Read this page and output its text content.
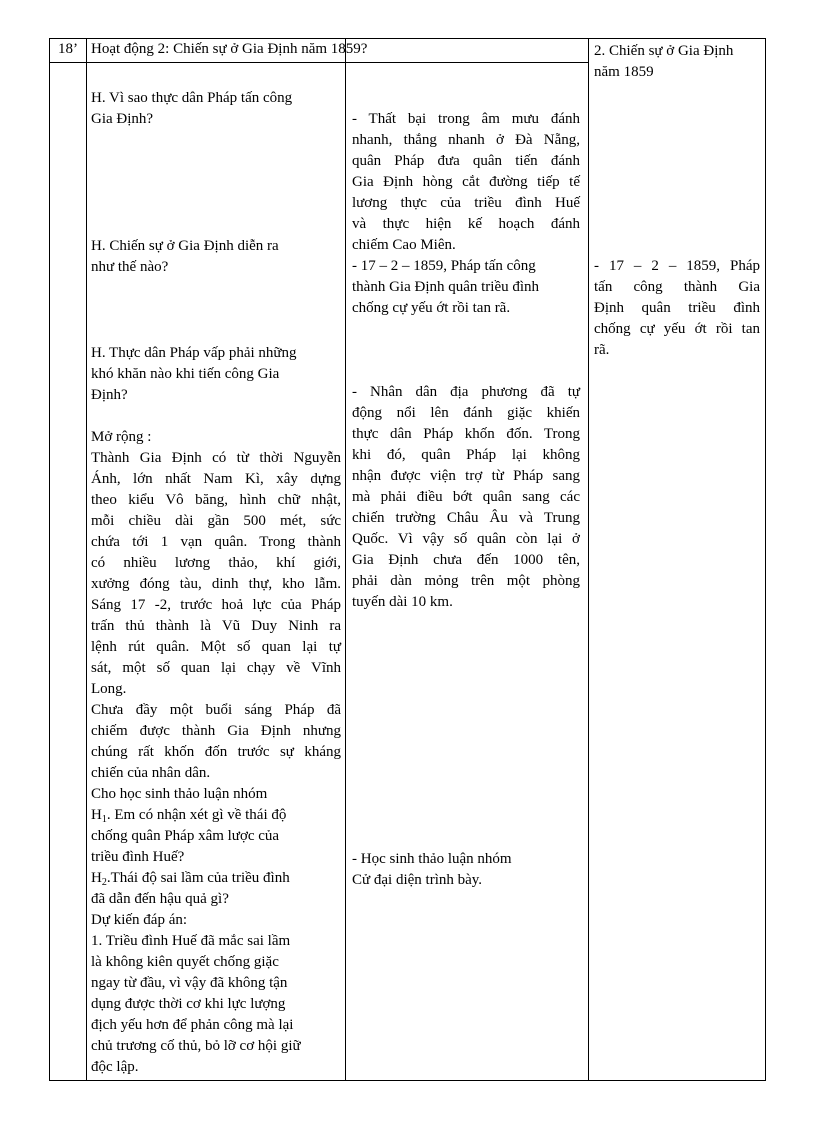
18’ Hoạt động 2: Chiến sự ở Gia Định năm 1859?	2. Chiến sự ở Gia Định
năm 1859
H. Vì sao thực dân Pháp tấn công
Gia Định?
H. Chiến sự ở Gia Định diễn ra
như thế nào?
H. Thực dân Pháp vấp phải những
khó khăn nào khi tiến công Gia
Định?
Mở rộng :
Thành Gia Định có từ thời Nguyễn
Ánh, lớn nhất Nam Kì, xây dựng
theo kiểu Vô băng, hình chữ nhật,
mỗi chiều dài gần 500 mét, sức
chứa tới 1 vạn quân. Trong thành
có nhiều lương thảo, khí giới,
xưởng đóng tàu, dinh thự, kho lẫm.
Sáng 17 -2, trước hoả lực của Pháp
trấn thủ thành là Vũ Duy Ninh ra
lệnh rút quân. Một số quan lại tự
sát, một số quan lại chạy về Vĩnh
Long.
Chưa đầy một buổi sáng Pháp đã
chiếm được thành Gia Định nhưng
chúng rất khốn đốn trước sự kháng
chiến của nhân dân.
Cho học sinh thảo luận nhóm
$H_1$. Em có nhận xét gì về thái độ
chống quân Pháp xâm lược của
triều đình Huế?
$H_2.Thái$ độ sai lầm của triều đình
đã dẫn đến hậu quả gì?
Dự kiến đáp án:
1. Triều đình Huế đã mắc sai lầm
là không kiên quyết chống giặc
ngay từ đầu, vì vậy đã không tận
dụng được thời cơ khi lực lượng
địch yếu hơn để phản công mà lại
chủ trương cố thủ, bỏ lỡ cơ hội giữ
độc lập.
- Thất bại trong âm mưu đánh
nhanh, thắng nhanh ở Đà Nẵng,
quân Pháp đưa quân tiến đánh
Gia Định hòng cắt đường tiếp tế
lương thực của triều đình Huế
và thực hiện kế hoạch đánh
chiếm Cao Miên.
- 17 – 2 – 1859, Pháp tấn công
thành Gia Định quân triều đình
chống cự yếu ớt rồi tan rã.
- Nhân dân địa phương đã tự
động nổi lên đánh giặc khiến
thực dân Pháp khốn đốn. Trong
khi đó, quân Pháp lại không
nhận được viện trợ từ Pháp sang
mà phải điều bớt quân sang các
chiến trường Châu Âu và Trung
Quốc. Vì vậy số quân còn lại ở
Gia Định chưa đến 1000 tên,
phải dàn mỏng trên một phòng
tuyến dài 10 km.
- Học sinh thảo luận nhóm
Cử đại diện trình bày.
- 17 – 2 – 1859, Pháp
tấn công thành Gia
Định quân triều đình
chống cự yếu ớt rồi tan
rã.
